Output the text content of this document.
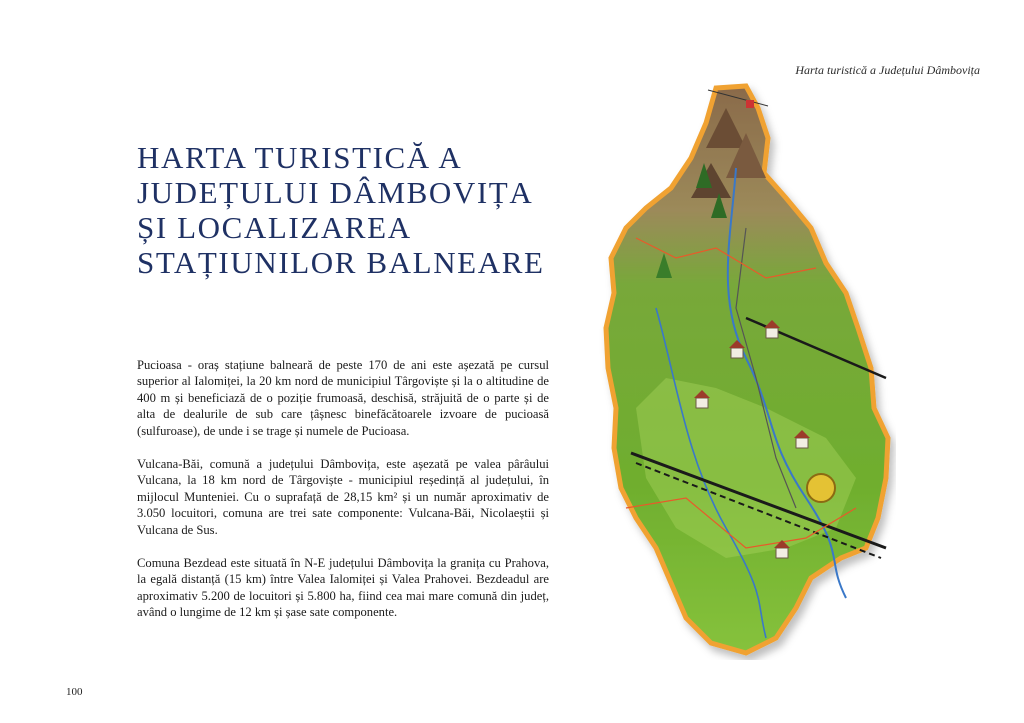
Harta turistică a Județului Dâmbovița
HARTA TURISTICĂ A
JUDEȚULUI DÂMBOVIȚA
ȘI LOCALIZAREA
STAȚIUNILOR BALNEARE

Pucioasa - oraș stațiune balneară de peste 170 de ani este așezată pe cursul superior al Ialomiței, la 20 km nord de municipiul Târgoviște și la o altitudine de 400 m și beneficiază de o poziție frumoasă, deschisă, străjuită de o parte și de alta de dealurile de sub care țâșnesc binefăcătoarele izvoare de pucioasă (sulfuroase), de unde i se trage și numele de Pucioasa.

Vulcana-Băi, comună a județului Dâmbovița, este așezată pe valea pârâului Vulcana, la 18 km nord de Târgoviște - municipiul reședință al județului, în mijlocul Munteniei. Cu o suprafață de 28,15 km² și un număr aproximativ de 3.050 locuitori, comuna are trei sate componente: Vulcana-Băi, Nicolaeștii și Vulcana de Sus.

Comuna Bezdead este situată în N-E județului Dâmbovița la granița cu Prahova, la egală distanță (15 km) între Valea Ialomiței și Valea Prahovei. Bezdeadul are aproximativ 5.200 de locuitori și 5.800 ha, fiind cea mai mare comună din județ, având o lungime de 12 km și șase sate componente.

100
